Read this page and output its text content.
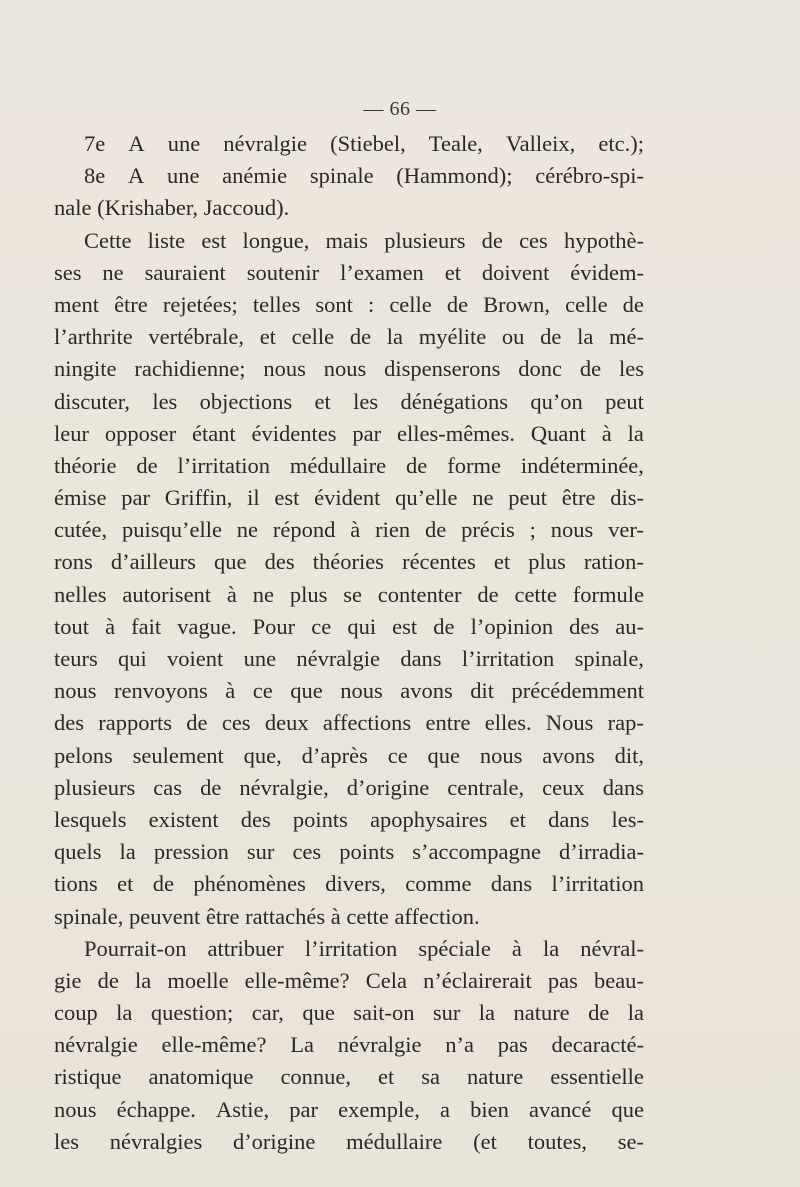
— 66 —
7e A une névralgie (Stiebel, Teale, Valleix, etc.);
8e A une anémie spinale (Hammond); cérébro-spi-
nale (Krishaber, Jaccoud).
Cette liste est longue, mais plusieurs de ces hypothè-
ses ne sauraient soutenir l’examen et doivent évidem-
ment être rejetées; telles sont : celle de Brown, celle de
l’arthrite vertébrale, et celle de la myélite ou de la mé-
ningite rachidienne; nous nous dispenserons donc de les
discuter, les objections et les dénégations qu’on peut
leur opposer étant évidentes par elles-mêmes. Quant à la
théorie de l’irritation médullaire de forme indéterminée,
émise par Griffin, il est évident qu’elle ne peut être dis-
cutée, puisqu’elle ne répond à rien de précis ; nous ver-
rons d’ailleurs que des théories récentes et plus ration-
nelles autorisent à ne plus se contenter de cette formule
tout à fait vague. Pour ce qui est de l’opinion des au-
teurs qui voient une névralgie dans l’irritation spinale,
nous renvoyons à ce que nous avons dit précédemment
des rapports de ces deux affections entre elles. Nous rap-
pelons seulement que, d’après ce que nous avons dit,
plusieurs cas de névralgie, d’origine centrale, ceux dans
lesquels existent des points apophysaires et dans les-
quels la pression sur ces points s’accompagne d’irradia-
tions et de phénomènes divers, comme dans l’irritation
spinale, peuvent être rattachés à cette affection.
Pourrait-on attribuer l’irritation spéciale à la névral-
gie de la moelle elle-même? Cela n’éclairerait pas beau-
coup la question; car, que sait-on sur la nature de la
névralgie elle-même? La névralgie n’a pas decaracté-
ristique anatomique connue, et sa nature essentielle
nous échappe. Astie, par exemple, a bien avancé que
les névralgies d’origine médullaire (et toutes, se-
